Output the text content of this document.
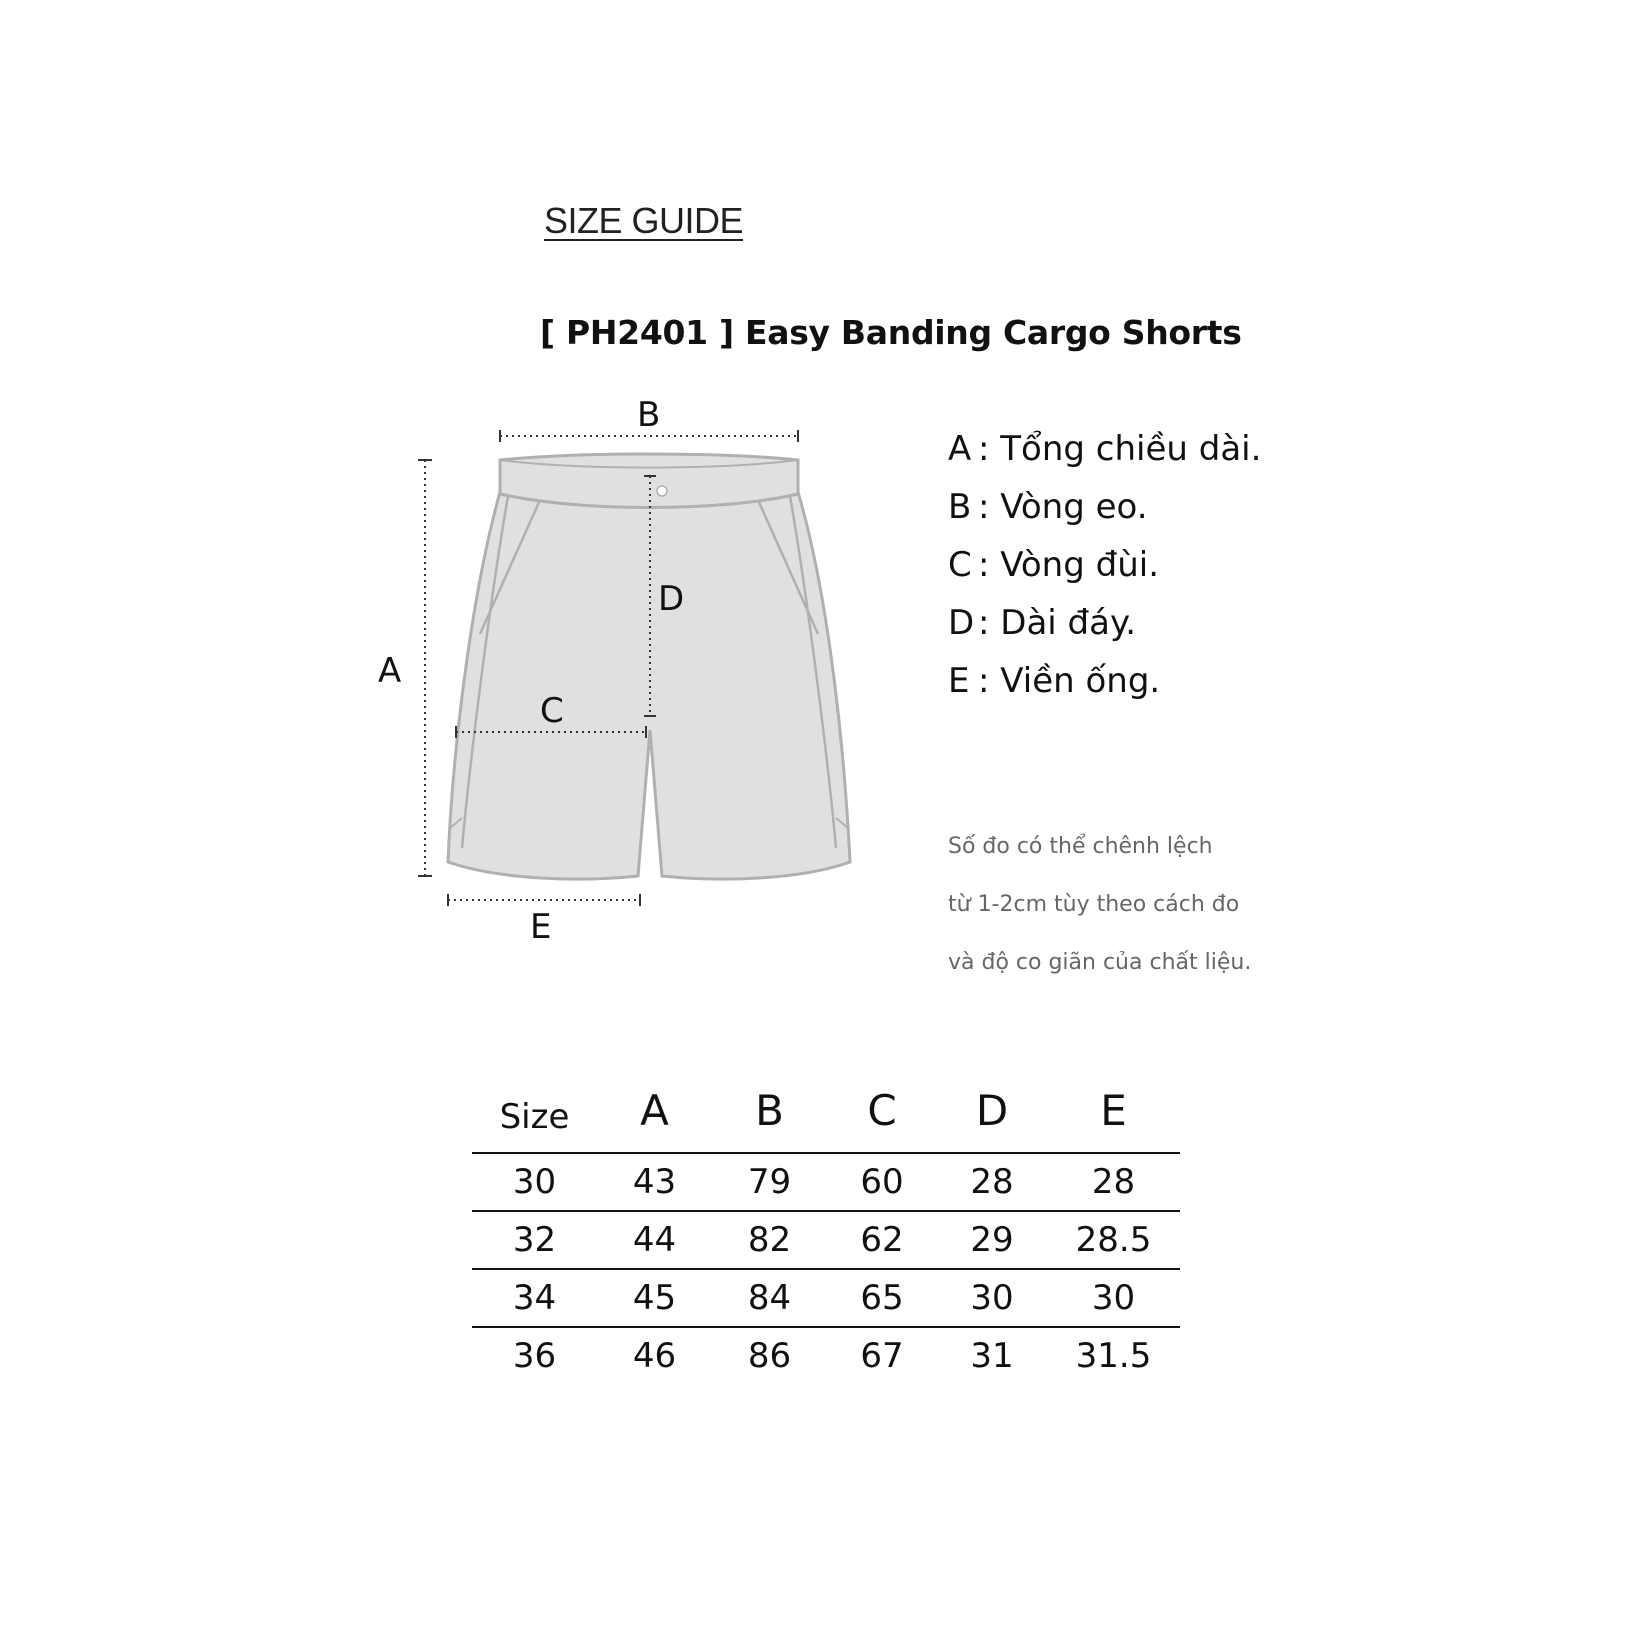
SIZE GUIDE
[ PH2401 ] Easy Banding Cargo Shorts
A
B
C
D
E
A : Tổng chiều dài.
B : Vòng eo.
C : Vòng đùi.
D : Dài đáy.
E : Viền ống.
Số đo có thể chênh lệch
từ 1-2cm tùy theo cách đo
và độ co giãn của chất liệu.
Size	A	B	C	D	E
30	43	79	60	28	28
32	44	82	62	29	28.5
34	45	84	65	30	30
36	46	86	67	31	31.5
